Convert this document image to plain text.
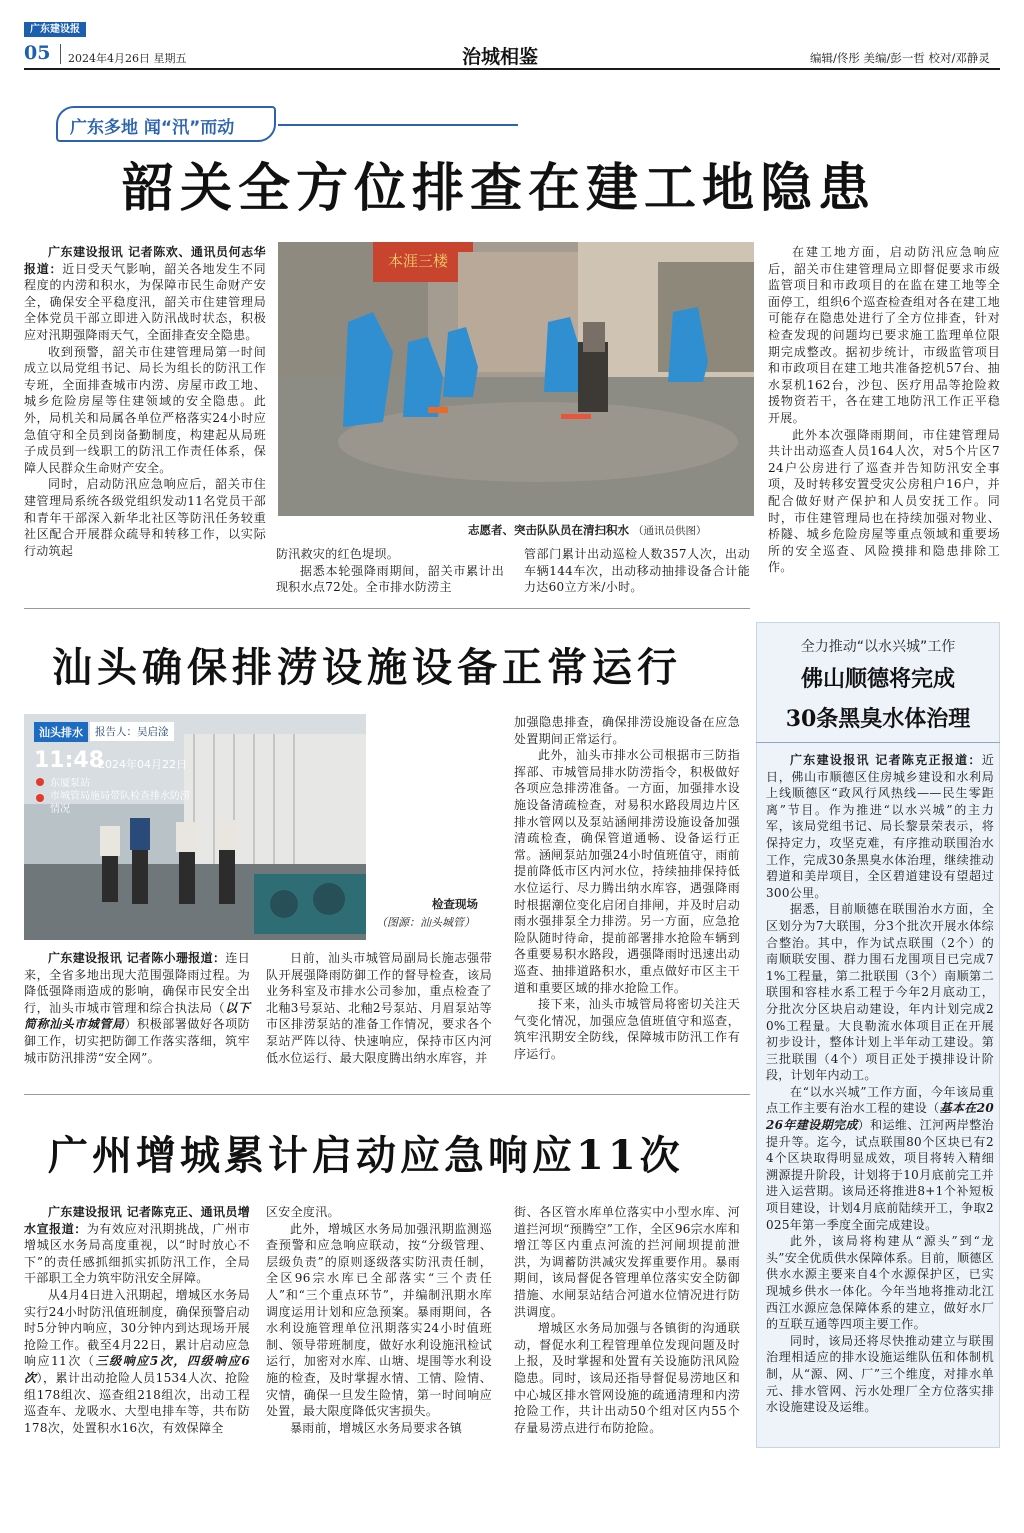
广东建设报
05 2024年4月26日 星期五	治城相鉴	编辑/佟彤 美编/彭一哲 校对/邓静灵
广东多地 闻“汛”而动
韶关全方位排查在建工地隐患

广东建设报讯 记者陈欢、通讯员何志华报道：近日受天气影响，韶关各地发生不同程度的内涝和积水，为保障市民生命财产安全，确保安全平稳度汛，韶关市住建管理局全体党员干部立即进入防汛战时状态，积极应对汛期强降雨天气，全面排查安全隐患。

收到预警，韶关市住建管理局第一时间成立以局党组书记、局长为组长的防汛工作专班，全面排查城市内涝、房屋市政工地、城乡危险房屋等住建领域的安全隐患。此外，局机关和局属各单位严格落实24小时应急值守和全员到岗备勤制度，构建起从局班子成员到一线职工的防汛工作责任体系，保障人民群众生命财产安全。

同时，启动防汛应急响应后，韶关市住建管理局系统各级党组织发动11名党员干部和青年干部深入新华北社区等防汛任务较重社区配合开展群众疏导和转移工作，以实际行动筑起

本涯三楼
志愿者、突击队队员在清扫积水 （通讯员供图）

防汛救灾的红色堤坝。

据悉本轮强降雨期间，韶关市累计出现积水点72处。全市排水防涝主

管部门累计出动巡检人数357人次，出动车辆144车次，出动移动抽排设备合计能力达60立方米/小时。

在建工地方面，启动防汛应急响应后，韶关市住建管理局立即督促要求市级监管项目和市政项目的在监在建工地等全面停工，组织6个巡查检查组对各在建工地可能存在隐患处进行了全方位排查，针对检查发现的问题均已要求施工监理单位限期完成整改。据初步统计，市级监管项目和市政项目在建工地共准备挖机57台、抽水泵机162台，沙包、医疗用品等抢险救援物资若干，各在建工地防汛工作正平稳开展。

此外本次强降雨期间，市住建管理局共计出动巡查人员164人次，对5个片区724户公房进行了巡查并告知防汛安全事项，及时转移安置受灾公房租户16户，并配合做好财产保护和人员安抚工作。同时，市住建管理局也在持续加强对物业、桥隧、城乡危险房屋等重点领域和重要场所的安全巡查、风险摸排和隐患排除工作。

汕头确保排涝设施设备正常运行
汕头排水	报告人：吴启淦
11:48
2024年04月22日
东厦泵站
市城管局施局带队检查排水防涝情况
检查现场
（图源：汕头城管）

广东建设报讯 记者陈小珊报道：连日来，全省多地出现大范围强降雨过程。为降低强降雨造成的影响，确保市民安全出行，汕头市城市管理和综合执法局（以下简称汕头市城管局）积极部署做好各项防御工作，切实把防御工作落实落细，筑牢城市防汛排涝“安全网”。

日前，汕头市城管局副局长施志强带队开展强降雨防御工作的督导检查，该局业务科室及市排水公司参加，重点检查了北釉3号泵站、北釉2号泵站、月眉泵站等市区排涝泵站的准备工作情况，要求各个泵站严阵以待、快速响应，保持市区内河低水位运行、最大限度腾出纳水库容，并

加强隐患排查，确保排涝设施设备在应急处置期间正常运行。

此外，汕头市排水公司根据市三防指挥部、市城管局排水防涝指令，积极做好各项应急排涝准备。一方面，加强排水设施设备清疏检查，对易积水路段周边片区排水管网以及泵站涵闸排涝设施设备加强清疏检查，确保管道通畅、设备运行正常。涵闸泵站加强24小时值班值守，雨前提前降低市区内河水位，持续抽排保持低水位运行、尽力腾出纳水库容，遇强降雨时根据潮位变化启闭自排闸，并及时启动雨水强排泵全力排涝。另一方面，应急抢险队随时待命，提前部署排水抢险车辆到各重要易积水路段，遇强降雨时迅速出动巡查、抽排道路积水，重点做好市区主干道和重要区域的排水抢险工作。

接下来，汕头市城管局将密切关注天气变化情况，加强应急值班值守和巡查，筑牢汛期安全防线，保障城市防汛工作有序运行。

全力推动“以水兴城”工作
佛山顺德将完成
30条黑臭水体治理

广东建设报讯 记者陈克正报道：近日，佛山市顺德区住房城乡建设和水利局上线顺德区“政风行风热线——民生零距离”节目。作为推进“以水兴城”的主力军，该局党组书记、局长黎景荣表示，将保持定力，攻坚克难，有序推动联围治水工作，完成30条黑臭水体治理，继续推动碧道和美岸项目，全区碧道建设有望超过300公里。

据悉，目前顺德在联围治水方面，全区划分为7大联围，分3个批次开展水体综合整治。其中，作为试点联围（2个）的南顺联安围、群力围石龙围项目已完成71%工程量，第二批联围（3个）南顺第二联围和容桂水系工程于今年2月底动工，分批次分区块启动建设，年内计划完成20%工程量。大良勒流水体项目正在开展初步设计，整体计划上半年动工建设。第三批联围（4个）项目正处于摸排设计阶段，计划年内动工。

在“以水兴城”工作方面，今年该局重点工作主要有治水工程的建设（基本在2026年建设期完成）和运维、江河两岸整治提升等。迄今，试点联围80个区块已有24个区块取得明显成效，项目将转入精细溯源提升阶段，计划将于10月底前完工并进入运营期。该局还将推进8+1个补短板项目建设，计划4月底前陆续开工，争取2025年第一季度全面完成建设。

此外，该局将构建从“源头”到“龙头”安全优质供水保障体系。目前，顺德区供水水源主要来自4个水源保护区，已实现城乡供水一体化。今年当地将推动北江西江水源应急保障体系的建立，做好水厂的互联互通等四项主要工作。

同时，该局还将尽快推动建立与联围治理相适应的排水设施运维队伍和体制机制，从“源、网、厂”三个维度，对排水单元、排水管网、污水处理厂全方位落实排水设施建设及运维。

广州增城累计启动应急响应11次

广东建设报讯 记者陈克正、通讯员增水宣报道：为有效应对汛期挑战，广州市增城区水务局高度重视，以“时时放心不下”的责任感抓细抓实抓防汛工作，全局干部职工全力筑牢防汛安全屏障。

从4月4日进入汛期起，增城区水务局实行24小时防汛值班制度，确保预警启动时5分钟内响应，30分钟内到达现场开展抢险工作。截至4月22日，累计启动应急响应11次（三级响应5次，四级响应6次），累计出动抢险人员1534人次、抢险组178组次、巡查组218组次，出动工程巡查车、龙吸水、大型电排车等，共布防178次，处置积水16次，有效保障全

区安全度汛。

此外，增城区水务局加强汛期监测巡查预警和应急响应联动，按“分级管理、层级负责”的原则逐级落实防汛责任制，全区96宗水库已全部落实“三个责任人”和“三个重点环节”，并编制汛期水库调度运用计划和应急预案。暴雨期间，各水利设施管理单位汛期落实24小时值班制、领导带班制度，做好水利设施汛检试运行，加密对水库、山塘、堤围等水利设施的检查，及时掌握水情、工情、险情、灾情，确保一旦发生险情，第一时间响应处置，最大限度降低灾害损失。

暴雨前，增城区水务局要求各镇

街、各区管水库单位落实中小型水库、河道拦河坝“预腾空”工作，全区96宗水库和增江等区内重点河流的拦河闸坝提前泄洪，为调蓄防洪减灾发挥重要作用。暴雨期间，该局督促各管理单位落实安全防御措施、水闸泵站结合河道水位情况进行防洪调度。

增城区水务局加强与各镇街的沟通联动，督促水利工程管理单位发现问题及时上报，及时掌握和处置有关设施防汛风险隐患。同时，该局还指导督促易涝地区和中心城区排水管网设施的疏通清理和内涝抢险工作，共计出动50个组对区内55个存量易涝点进行布防抢险。
